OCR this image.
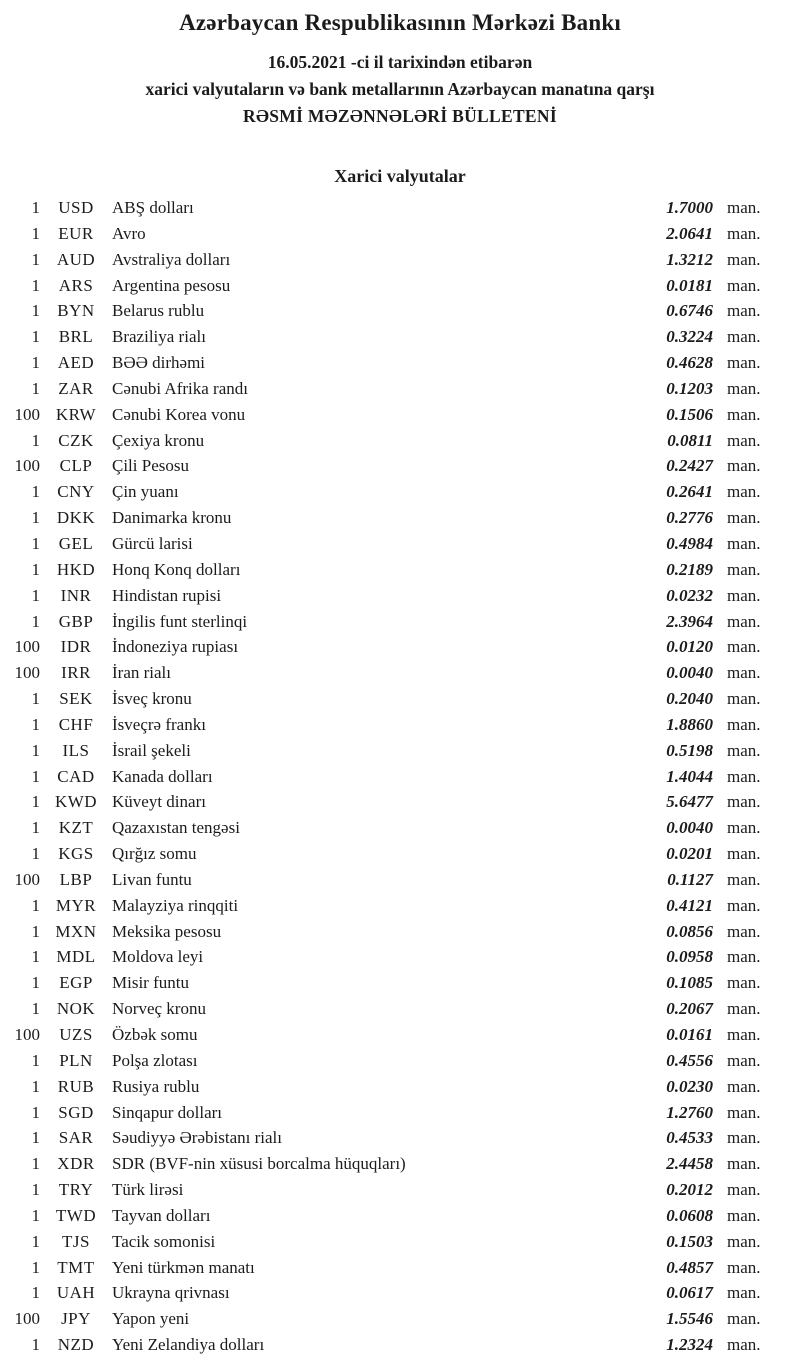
Azərbaycan Respublikasının Mərkəzi Bankı
16.05.2021 -ci il tarixindən etibarən
xarici valyutaların və bank metallarının Azərbaycan manatına qarşı
RƏSMİ MƏZƏNNƏLƏRİ BÜLLETENİ
Xarici valyutalar
1	USD	ABŞ dolları	1.7000 man.
1	EUR	Avro	2.0641 man.
1 AUD Avstraliya dolları	1.3212 man.
1	ARS	Argentina pesosu	0.0181 man.
1	BYN	Belarus rublu	0.6746 man.
1	BRL	Braziliya rialı	0.3224 man.
1	AED	BƏƏ dirhəmi	0.4628 man.
1	ZAR	Cənubi Afrika randı	0.1203 man.
100 KRW Cənubi Korea vonu	0.1506 man.
1	CZK	Çexiya kronu	0.0811 man.
100	CLP	Çili Pesosu	0.2427 man.
1	CNY	Çin yuanı	0.2641 man.
1 DKK Danimarka kronu	0.2776 man.
1	GEL	Gürcü larisi	0.4984 man.
1 HKD Honq Konq dolları	0.2189 man.
1	INR	Hindistan rupisi	0.0232 man.
1	GBP	İngilis funt sterlinqi	2.3964 man.
100	IDR	İndoneziya rupiası	0.0120 man.
100	IRR	İran rialı	0.0040 man.
1	SEK	İsveç kronu	0.2040 man.
1	CHF	İsveçrə frankı	1.8860 man.
1	ILS	İsrail şekeli	0.5198 man.
1	CAD	Kanada dolları	1.4044 man.
1 KWD Küveyt dinarı	5.6477 man.
1	KZT	Qazaxıstan tengəsi	0.0040 man.
1	KGS	Qırğız somu	0.0201 man.
100	LBP	Livan funtu	0.1127 man.
1 MYR Malayziya rinqqiti	0.4121 man.
1 MXN Meksika pesosu	0.0856 man.
1 MDL Moldova leyi	0.0958 man.
1	EGP	Misir funtu	0.1085 man.
1 NOK Norveç kronu	0.2067 man.
100	UZS	Özbək somu	0.0161 man.
1	PLN	Polşa zlotası	0.4556 man.
1	RUB	Rusiya rublu	0.0230 man.
1	SGD	Sinqapur dolları	1.2760 man.
1	SAR	Səudiyyə Ərəbistanı rialı	0.4533 man.
1	XDR	SDR (BVF-nin xüsusi borcalma hüquqları)	2.4458 man.
1	TRY	Türk lirəsi	0.2012 man.
1 TWD Tayvan dolları	0.0608 man.
1	TJS	Tacik somonisi	0.1503 man.
1	TMT	Yeni türkmən manatı	0.4857 man.
1 UAH Ukrayna qrivnası	0.0617 man.
100	JPY	Yapon yeni	1.5546 man.
1	NZD	Yeni Zelandiya dolları	1.2324 man.
